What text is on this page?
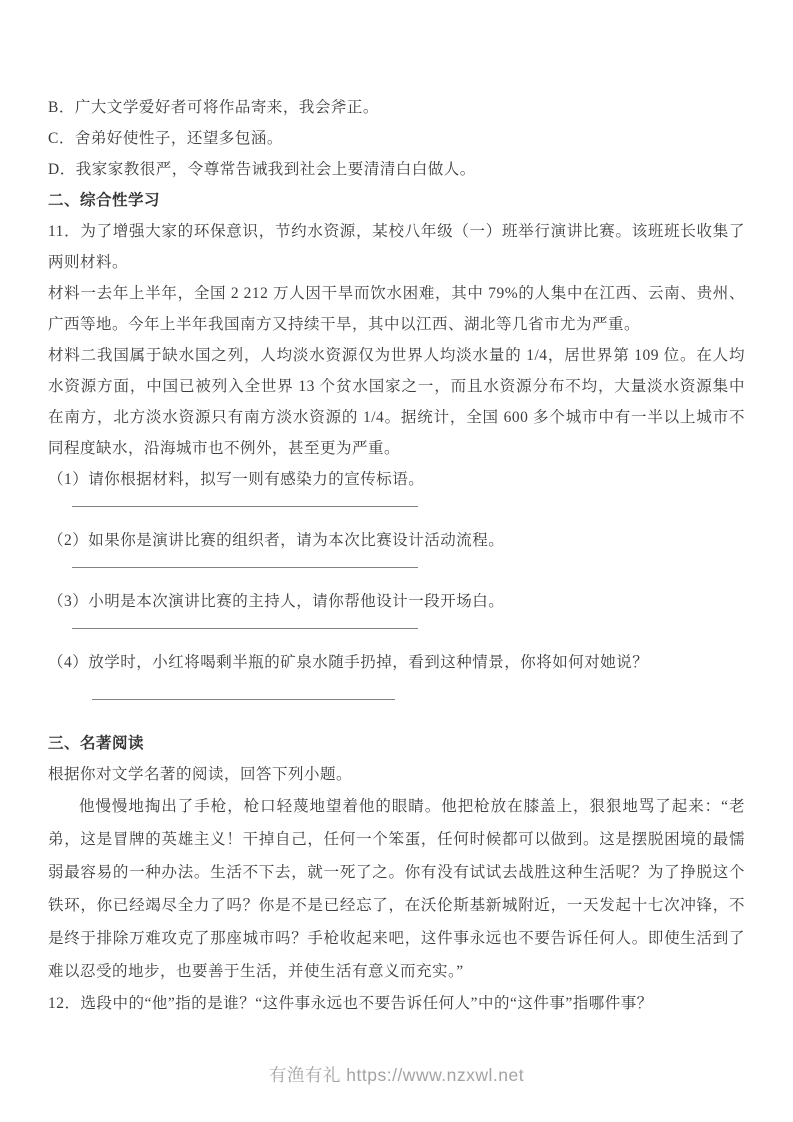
B．广大文学爱好者可将作品寄来，我会斧正。

C．舍弟好使性子，还望多包涵。

D．我家家教很严，令尊常告诫我到社会上要清清白白做人。

二、综合性学习

11．为了增强大家的环保意识，节约水资源，某校八年级（一）班举行演讲比赛。该班班长收集了两则材料。

材料一去年上半年，全国 2 212 万人因干旱而饮水困难，其中 79%的人集中在江西、云南、贵州、广西等地。今年上半年我国南方又持续干旱，其中以江西、湖北等几省市尤为严重。

材料二我国属于缺水国之列，人均淡水资源仅为世界人均淡水量的 1/4，居世界第 109 位。在人均水资源方面，中国已被列入全世界 13 个贫水国家之一，而且水资源分布不均，大量淡水资源集中在南方，北方淡水资源只有南方淡水资源的 1/4。据统计，全国 600 多个城市中有一半以上城市不同程度缺水，沿海城市也不例外，甚至更为严重。

（1）请你根据材料，拟写一则有感染力的宣传标语。

（2）如果你是演讲比赛的组织者，请为本次比赛设计活动流程。

（3）小明是本次演讲比赛的主持人，请你帮他设计一段开场白。

（4）放学时，小红将喝剩半瓶的矿泉水随手扔掉，看到这种情景，你将如何对她说？

三、名著阅读

根据你对文学名著的阅读，回答下列小题。

他慢慢地掏出了手枪，枪口轻蔑地望着他的眼睛。他把枪放在膝盖上，狠狠地骂了起来：“老弟，这是冒牌的英雄主义！干掉自己，任何一个笨蛋，任何时候都可以做到。这是摆脱困境的最懦弱最容易的一种办法。生活不下去，就一死了之。你有没有试试去战胜这种生活呢？为了挣脱这个铁环，你已经竭尽全力了吗？你是不是已经忘了，在沃伦斯基新城附近，一天发起十七次冲锋，不是终于排除万难攻克了那座城市吗？手枪收起来吧，这件事永远也不要告诉任何人。即使生活到了难以忍受的地步，也要善于生活，并使生活有意义而充实。”

12．选段中的“他”指的是谁？“这件事永远也不要告诉任何人”中的“这件事”指哪件事？

有渔有礼 https://www.nzxwl.net
